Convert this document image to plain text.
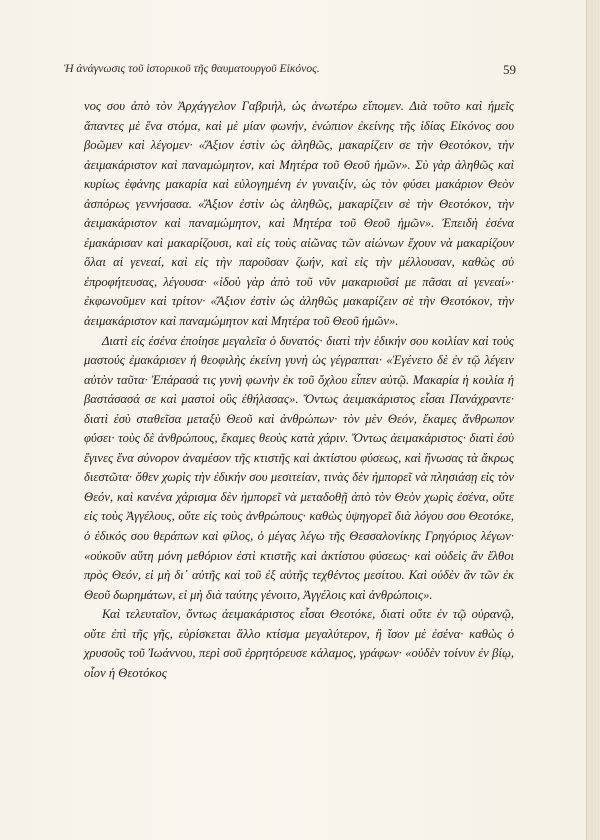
Ἡ ἀνάγνωσις τοῦ ἱστορικοῦ τῆς θαυματουργοῦ Εἰκόνος.	59

νος σου ἀπὸ τὸν Ἀρχάγγελον Γαβριήλ, ὡς ἀνωτέρω εἴπομεν. Διὰ τοῦτο καὶ ἡμεῖς ἅπαντες μὲ ἕνα στόμα, καὶ μὲ μίαν φωνήν, ἐνώπιον ἐκείνης τῆς ἰδίας Εἰκόνος σου βοῶμεν καὶ λέγομεν· «Ἄξιον ἐστὶν ὡς ἀληθῶς, μακαρίζειν σε τὴν Θεοτόκον, τὴν ἀειμακάριστον καὶ παναμώμητον, καὶ Μητέρα τοῦ Θεοῦ ἡμῶν». Σὺ γὰρ ἀληθῶς καὶ κυρίως ἐφάνης μακαρία καὶ εὐλογημένη ἐν γυναιξίν, ὡς τὸν φύσει μακάριον Θεὸν ἀσπόρως γεννήσασα. «Ἄξιον ἐστὶν ὡς ἀληθῶς, μακαρίζειν σὲ τὴν Θεοτόκον, τὴν ἀειμακάριστον καὶ παναμώμητον, καὶ Μητέρα τοῦ Θεοῦ ἡμῶν». Ἐπειδὴ ἐσένα ἐμακάρισαν καὶ μακαρίζουσι, καὶ εἰς τοὺς αἰῶνας τῶν αἰώνων ἔχουν νὰ μακαρίζουν ὅλαι αἱ γενεαί, καὶ εἰς τὴν παροῦσαν ζωήν, καὶ εἰς τὴν μέλλουσαν, καθὼς σὺ ἐπροφήτευσας, λέγουσα· «ἰδοὺ γὰρ ἀπὸ τοῦ νῦν μακαριοῦσί με πᾶσαι αἱ γενεαί»· ἐκφωνοῦμεν καὶ τρίτον· «Ἄξιον ἐστὶν ὡς ἀληθῶς μακαρίζειν σὲ τὴν Θεοτόκον, τὴν ἀειμακάριστον καὶ παναμώμητον καὶ Μητέρα τοῦ Θεοῦ ἡμῶν».

Διατὶ εἰς ἐσένα ἐποίησε μεγαλεῖα ὁ δυνατός· διατὶ τὴν ἐδικήν σου κοιλίαν καὶ τοὺς μαστούς ἐμακάρισεν ἡ θεοφιλὴς ἐκείνη γυνὴ ὡς γέγραπται· «Ἐγένετο δὲ ἐν τῷ λέγειν αὐτὸν ταῦτα· Ἐπάρασά τις γυνὴ φωνὴν ἐκ τοῦ ὄχλου εἶπεν αὐτῷ. Μακαρία ἡ κοιλία ἡ βαστάσασά σε καὶ μαστοὶ οὓς ἐθήλασας». Ὄντως ἀειμακάριστος εἶσαι Πανάχραντε· διατὶ ἐσὺ σταθεῖσα μεταξὺ Θεοῦ καὶ ἀνθρώπων· τὸν μὲν Θεόν, ἔκαμες ἄνθρωπον φύσει· τοὺς δὲ ἀνθρώπους, ἔκαμες θεοὺς κατὰ χάριν. Ὄντως ἀειμακάριστος· διατὶ ἐσὺ ἔγινες ἕνα σύνορον ἀναμέσον τῆς κτιστῆς καὶ ἀκτίστου φύσεως, καὶ ἤνωσας τὰ ἄκρως διεστῶτα· ὅθεν χωρὶς τὴν ἐδικήν σου μεσιτείαν, τινὰς δὲν ἠμπορεῖ νὰ πλησιάσῃ εἰς τὸν Θεόν, καὶ κανένα χάρισμα δὲν ἠμπορεῖ νὰ μεταδοθῇ ἀπὸ τὸν Θεὸν χωρὶς ἐσένα, οὔτε εἰς τοὺς Ἀγγέλους, οὔτε εἰς τοὺς ἀνθρώπους· καθὼς ὑψηγορεῖ διὰ λόγου σου Θεοτόκε, ὁ ἐδικός σου θεράπων καὶ φίλος, ὁ μέγας λέγω τῆς Θεσσαλονίκης Γρηγόριος λέγων· «οὐκοῦν αὕτη μόνη μεθόριον ἐστὶ κτιστῆς καὶ ἀκτίστου φύσεως· καὶ οὐδεὶς ἂν ἔλθοι πρὸς Θεόν, εἰ μὴ δι᾽ αὐτῆς καὶ τοῦ ἐξ αὐτῆς τεχθέντος μεσίτου. Καὶ οὐδὲν ἂν τῶν ἐκ Θεοῦ δωρημάτων, εἰ μὴ διὰ ταύτης γένοιτο, Ἀγγέλοις καὶ ἀνθρώποις».

Καὶ τελευταῖον, ὄντως ἀειμακάριστος εἶσαι Θεοτόκε, διατὶ οὔτε ἐν τῷ οὐρανῷ, οὔτε ἐπὶ τῆς γῆς, εὑρίσκεται ἄλλο κτίσμα μεγαλύτερον, ἢ ἴσον μὲ ἐσένα· καθὼς ὁ χρυσοῦς τοῦ Ἰωάννου, περὶ σοῦ ἐρρητόρευσε κάλαμος, γράφων· «οὐδὲν τοίνυν ἐν βίῳ, οἷον ἡ Θεοτόκος
